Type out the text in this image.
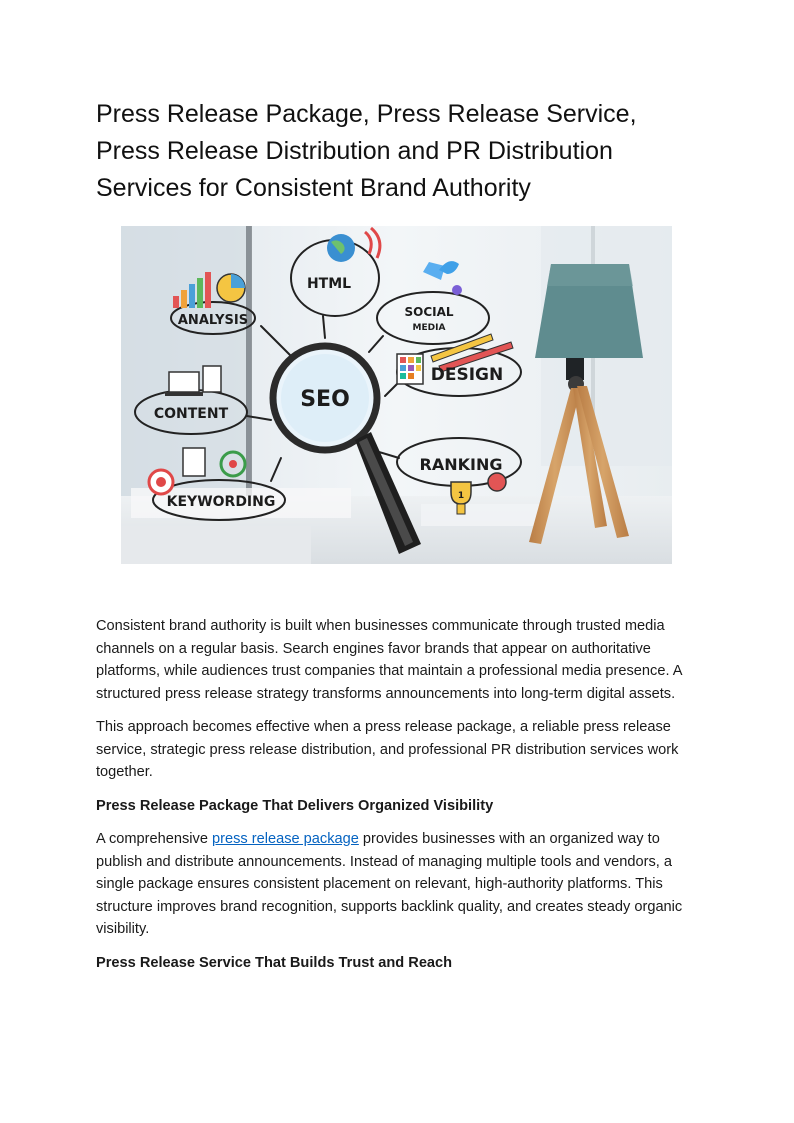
Press Release Package, Press Release Service, Press Release Distribution and PR Distribution Services for Consistent Brand Authority
ANALYSIS
HTML
SOCIAL
MEDIA
CONTENT
SEO
DESIGN
RANKING
KEYWORDING	1

Consistent brand authority is built when businesses communicate through trusted media channels on a regular basis. Search engines favor brands that appear on authoritative platforms, while audiences trust companies that maintain a professional media presence. A structured press release strategy transforms announcements into long-term digital assets.

This approach becomes effective when a press release package, a reliable press release service, strategic press release distribution, and professional PR distribution services work together.

Press Release Package That Delivers Organized Visibility

A comprehensive press release package provides businesses with an organized way to publish and distribute announcements. Instead of managing multiple tools and vendors, a single package ensures consistent placement on relevant, high-authority platforms. This structure improves brand recognition, supports backlink quality, and creates steady organic visibility.

Press Release Service That Builds Trust and Reach
